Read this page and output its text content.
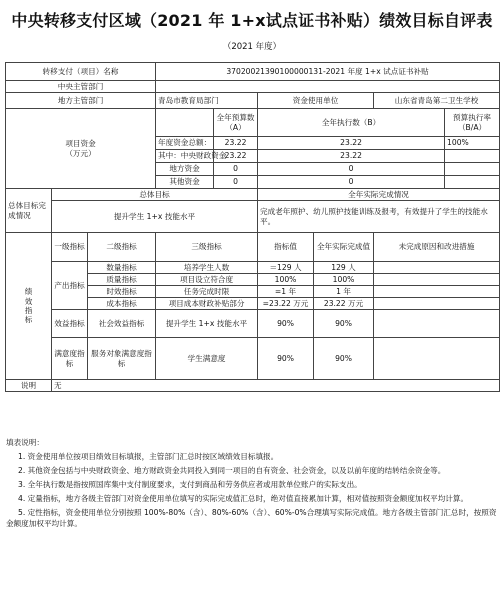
中央转移支付区域（2021 年 1+x试点证书补贴）绩效目标自评表
（2021 年度）
转移支付（项目）名称			37020021390100000131-2021 年度 1+x 试点证书补贴					
中央主管部门								
地方主管部门			青岛市教育局部门		资金使用单位		山东省青岛第二卫生学校	

项目资金
（万元）				全年预算数（A）	全年执行数（B）			预算执行率（B/A）
			年度资金总额：	23.22	23.22			100%
			其中：中央财政资金	23.22	23.22			
			地方资金	0	0			
			其他资金	0	0			
总体目标完成情况	总体目标				全年实际完成情况			
	提升学生 1+x 技能水平				完成老年照护、幼儿照护技能训练及报考，有效提升了学生的技能水平。			
绩效指标	一级指标	二级指标	三级指标		指标值	全年实际完成值	未完成原因和改进措施	
	产出指标	数量指标	培养学生人数		＝129 人	129 人		
		质量指标	项目设立符合度		100%	100%		
		时效指标	任务完成时限		=1 年	1 年		
		成本指标	项目成本财政补贴部分		=23.22 万元	23.22 万元		
	效益指标	社会效益指标	提升学生 1+x 技能水平		90%	90%		
	满意度指标	服务对象满意度指标	学生满意度		90%	90%		
说明	无							

填表说明：

1. 资金使用单位按项目绩效目标填报，主管部门汇总时按区域绩效目标填报。

2. 其他资金包括与中央财政资金、地方财政资金共同投入到同一项目的自有资金、社会资金，以及以前年度的结转结余资金等。

3. 全年执行数是指按照国库集中支付制度要求，支付到商品和劳务供应者或用款单位账户的实际支出。

4. 定量指标，地方各级主管部门对资金使用单位填写的实际完成值汇总时，绝对值直接累加计算，相对值按照资金额度加权平均计算。

5. 定性指标，资金使用单位分别按照 100%-80%（含）、80%-60%（含）、60%-0%合理填写实际完成值。地方各级主管部门汇总时，按照资金额度加权平均计算。
